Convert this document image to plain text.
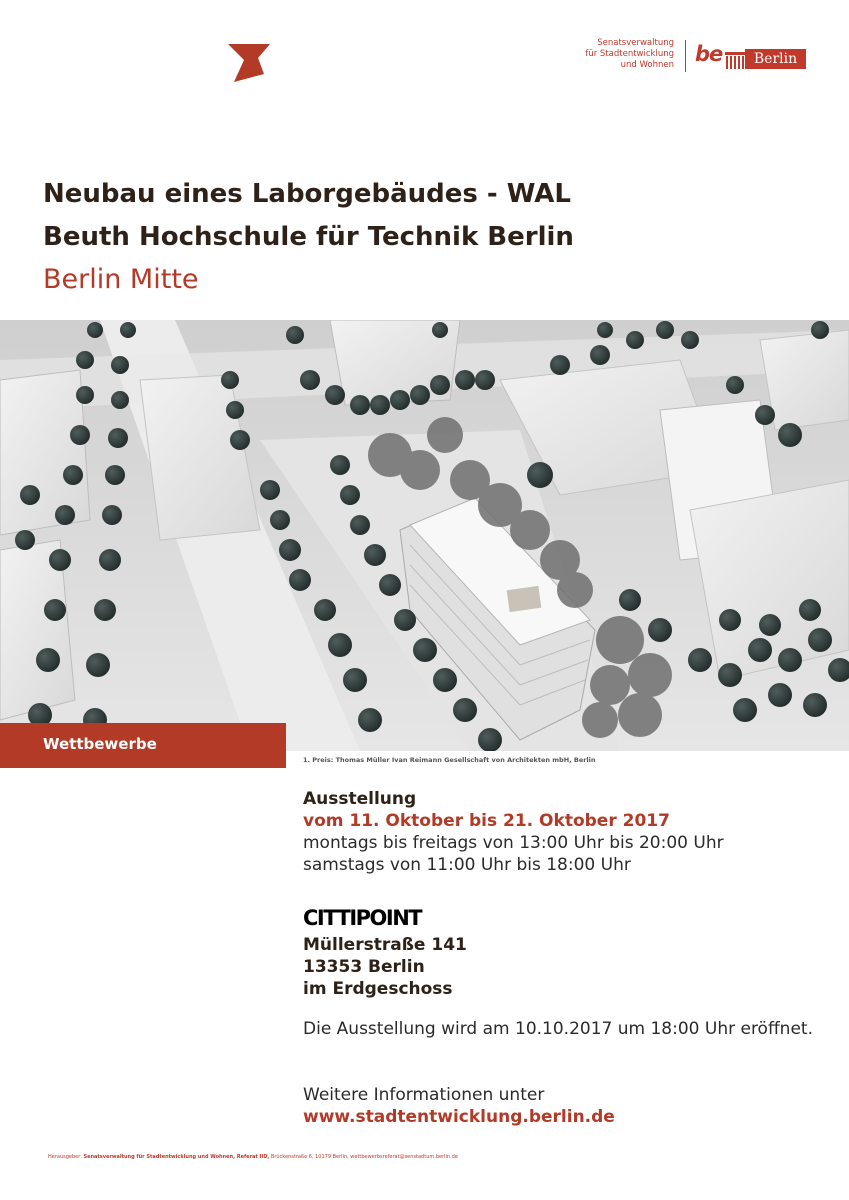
Senatsverwaltung
für Stadtentwicklung
und Wohnen be	Berlin
Neubau eines Laborgebäudes - WAL
Beuth Hochschule für Technik Berlin
Berlin Mitte
Wettbewerbe
1. Preis: Thomas Müller Ivan Reimann Gesellschaft von Architekten mbH, Berlin
Ausstellung
vom 11. Oktober bis 21. Oktober 2017
montags bis freitags von 13:00 Uhr bis 20:00 Uhr
samstags von 11:00 Uhr bis 18:00 Uhr
CITTIPOINT
Müllerstraße 141
13353 Berlin
im Erdgeschoss
Die Ausstellung wird am 10.10.2017 um 18:00 Uhr eröffnet.
Weitere Informationen unter
www.stadtentwicklung.berlin.de
Herausgeber: Senatsverwaltung für Stadtentwicklung und Wohnen, Referat IID, Brückenstraße 6, 10179 Berlin, wettbewerbsreferat@senstadtum.berlin.de
